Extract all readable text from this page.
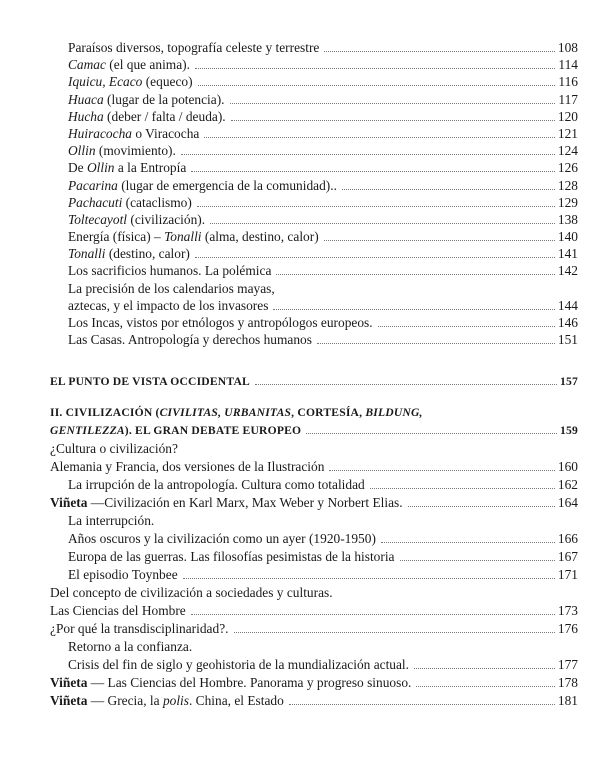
Paraísos diversos, topografía celeste y terrestre	108
Camac (el que anima).	114
Iquicu, Ecaco (equeco)	116
Huaca (lugar de la potencia).	117
Hucha (deber / falta / deuda).	120
Huiracocha o Viracocha	121
Ollin (movimiento).	124
De Ollin a la Entropía	126
Pacarina (lugar de emergencia de la comunidad)..	128
Pachacuti (cataclismo)	129
Toltecayotl (civilización).	138
Energía (física) – Tonalli (alma, destino, calor)	140
Tonalli (destino, calor)	141
Los sacrificios humanos. La polémica	142
La precisión de los calendarios mayas,
aztecas, y el impacto de los invasores	144
Los Incas, vistos por etnólogos y antropólogos europeos.	146
Las Casas. Antropología y derechos humanos	151
EL PUNTO DE VISTA OCCIDENTAL	157
II. CIVILIZACIÓN (CIVILITAS, URBANITAS, CORTESÍA, BILDUNG,
GENTILEZZA). EL GRAN DEBATE EUROPEO	159
¿Cultura o civilización?
Alemania y Francia, dos versiones de la Ilustración	160
La irrupción de la antropología. Cultura como totalidad	162
Viñeta —Civilización en Karl Marx, Max Weber y Norbert Elias.	164
La interrupción.
Años oscuros y la civilización como un ayer (1920-1950)	166
Europa de las guerras. Las filosofías pesimistas de la historia	167
El episodio Toynbee	171
Del concepto de civilización a sociedades y culturas.
Las Ciencias del Hombre	173
¿Por qué la transdisciplinaridad?.	176
Retorno a la confianza.
Crisis del fin de siglo y geohistoria de la mundialización actual.	177
Viñeta — Las Ciencias del Hombre. Panorama y progreso sinuoso.	178
Viñeta — Grecia, la polis. China, el Estado	181
